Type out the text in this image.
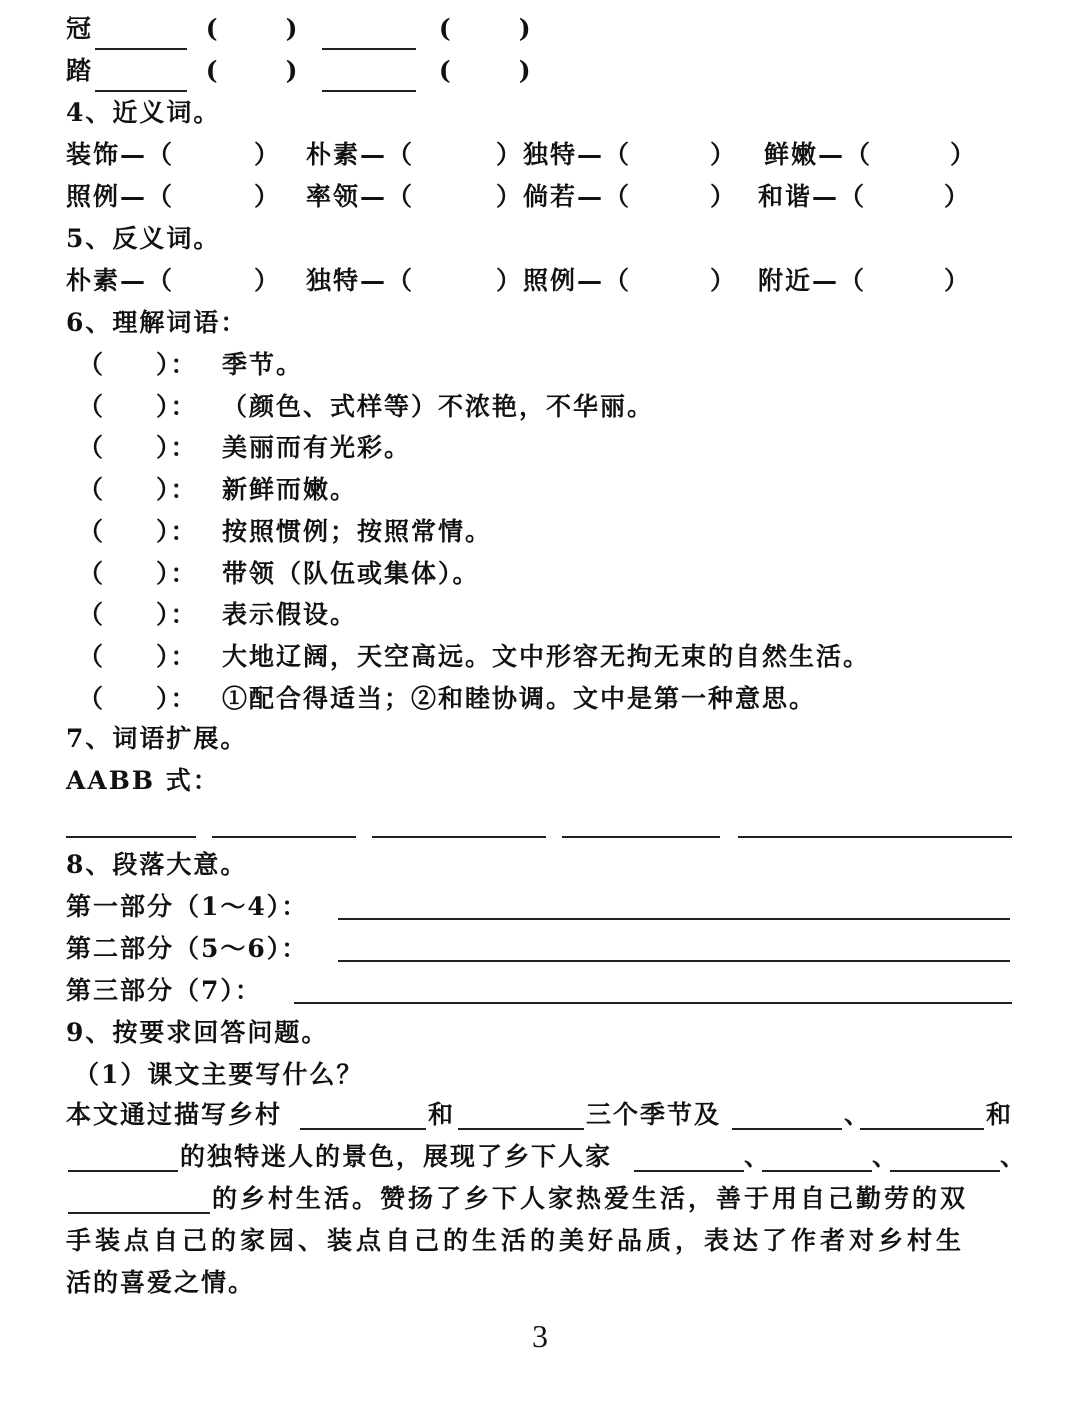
冠	(	)	(	)
踏	(	)	(	)
4、近义词。
装饰—（	） 朴素—（	）独特—（	） 鲜嫩—（	）
照例—（	） 率领—（	）倘若—（	） 和谐—（	）
5、反义词。
朴素—（	） 独特—（	）照例—（	） 附近—（	）
6、理解词语：
（ ）： 季节。
（ ）： （颜色、式样等）不浓艳，不华丽。
（ ）： 美丽而有光彩。
（ ）： 新鲜而嫩。
（ ）： 按照惯例；按照常情。
（ ）： 带领（队伍或集体）。
（ ）： 表示假设。
（ ）： 大地辽阔，天空高远。文中形容无拘无束的自然生活。
（ ）： ①配合得适当；②和睦协调。文中是第一种意思。
7、词语扩展。
AABB 式：
8、段落大意。
第一部分（1～4）：
第二部分（5～6）：
第三部分（7）：
9、按要求回答问题。
（1）课文主要写什么？
本文通过描写乡村	和	三个季节及	、	和
的独特迷人的景色，展现了乡下人家	、	、	、
的乡村生活。赞扬了乡下人家热爱生活，善于用自己勤劳的双
手装点自己的家园、装点自己的生活的美好品质，表达了作者对乡村生
活的喜爱之情。
3
